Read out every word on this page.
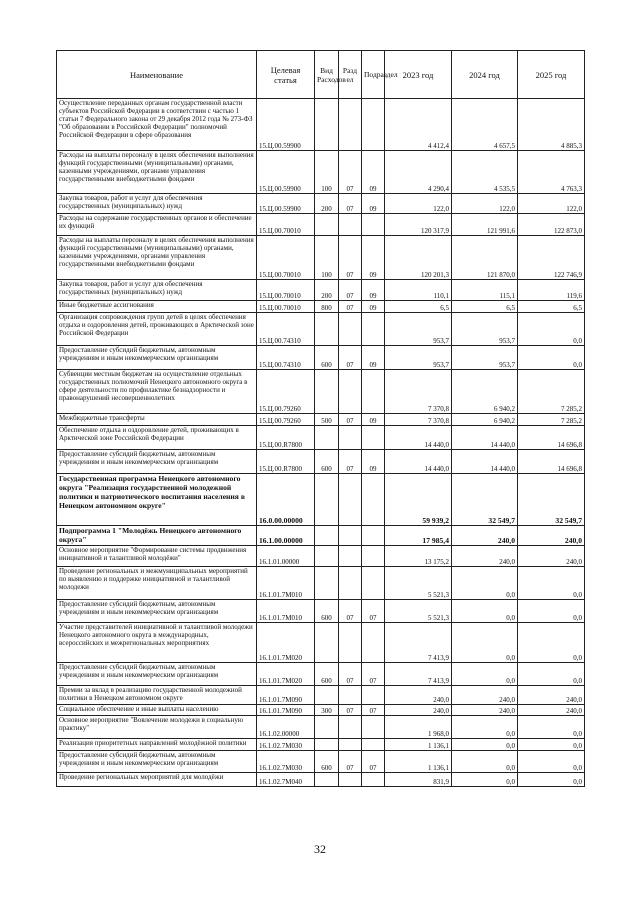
Наименование	Целевая статья	Вид Расходов	Разд ел	Подраздел	2023 год	2024 год	2025 год
Осуществление переданных органам государственной власти субъектов Российской Федерации в соответствии с частью 1 статьи 7 Федерального закона от 29 декабря 2012 года № 273-ФЗ "Об образовании в Российской Федерации" полномочий Российской Федерации в сфере образования	15.Ц.00.59900				4 412,4	4 657,5	4 885,3
Расходы на выплаты персоналу в целях обеспечения выполнения функций государственными (муниципальными) органами, казенными учреждениями, органами управления государственными внебюджетными фондами	15.Ц.00.59900	100	07	09	4 290,4	4 535,5	4 763,3
Закупка товаров, работ и услуг для обеспечения государственных (муниципальных) нужд	15.Ц.00.59900	200	07	09	122,0	122,0	122,0
Расходы на содержание государственных органов и обеспечение их функций	15.Ц.00.70010				120 317,9	121 991,6	122 873,0
Расходы на выплаты персоналу в целях обеспечения выполнения функций государственными (муниципальными) органами, казенными учреждениями, органами управления государственными внебюджетными фондами	15.Ц.00.70010	100	07	09	120 201,3	121 870,0	122 746,9
Закупка товаров, работ и услуг для обеспечения государственных (муниципальных) нужд	15.Ц.00.70010	200	07	09	110,1	115,1	119,6
Иные бюджетные ассигнования	15.Ц.00.70010	800	07	09	6,5	6,5	6,5
Организация сопровождения групп детей в целях обеспечения отдыха и оздоровления детей, проживающих в Арктической зоне Российской Федерации	15.Ц.00.74310				953,7	953,7	0,0
Предоставление субсидий бюджетным, автономным учреждениям и иным некоммерческим организациям	15.Ц.00.74310	600	07	09	953,7	953,7	0,0
Субвенции местным бюджетам на осуществление отдельных государственных полномочий Ненецкого автономного округа в сфере деятельности по профилактике безнадзорности и правонарушений несовершеннолетних	15.Ц.00.79260				7 370,8	6 940,2	7 285,2
Межбюджетные трансферты	15.Ц.00.79260	500	07	09	7 370,8	6 940,2	7 285,2
Обеспечение отдыха и оздоровление детей, проживающих в Арктической зоне Российской Федерации	15.Ц.00.R7800				14 440,0	14 440,0	14 696,8
Предоставление субсидий бюджетным, автономным учреждениям и иным некоммерческим организациям	15.Ц.00.R7800	600	07	09	14 440,0	14 440,0	14 696,8
Государственная программа Ненецкого автономного округа "Реализация государственной молодежной политики и патриотического воспитания населения в Ненецком автономном округе"	16.0.00.00000				59 939,2	32 549,7	32 549,7
Подпрограмма 1 "Молодёжь Ненецкого автономного округа"	16.1.00.00000				17 985,4	240,0	240,0
Основное мероприятие "Формирование системы продвижения инициативной и талантливой молодёжи"	16.1.01.00000				13 175,2	240,0	240,0
Проведение региональных и межмуниципальных мероприятий по выявлению и поддержке инициативной и талантливой молодежи	16.1.01.7М010				5 521,3	0,0	0,0
Предоставление субсидий бюджетным, автономным учреждениям и иным некоммерческим организациям	16.1.01.7М010	600	07	07	5 521,3	0,0	0,0
Участие представителей инициативной и талантливой молодежи Ненецкого автономного округа в международных, всероссийских и межрегиональных мероприятиях	16.1.01.7М020				7 413,9	0,0	0,0
Предоставление субсидий бюджетным, автономным учреждениям и иным некоммерческим организациям	16.1.01.7М020	600	07	07	7 413,9	0,0	0,0
Премии за вклад в реализацию государственной молодежной политики в Ненецком автономном округе	16.1.01.7М090				240,0	240,0	240,0
Социальное обеспечение и иные выплаты населению	16.1.01.7М090	300	07	07	240,0	240,0	240,0
Основное мероприятие "Вовлечение молодежи в социальную практику"	16.1.02.00000				1 968,0	0,0	0,0
Реализация приоритетных направлений молодёжной политики	16.1.02.7М030				1 136,1	0,0	0,0
Предоставление субсидий бюджетным, автономным учреждениям и иным некоммерческим организациям	16.1.02.7М030	600	07	07	1 136,1	0,0	0,0
Проведение региональных мероприятий для молодёжи	16.1.02.7М040				831,9	0,0	0,0
32
